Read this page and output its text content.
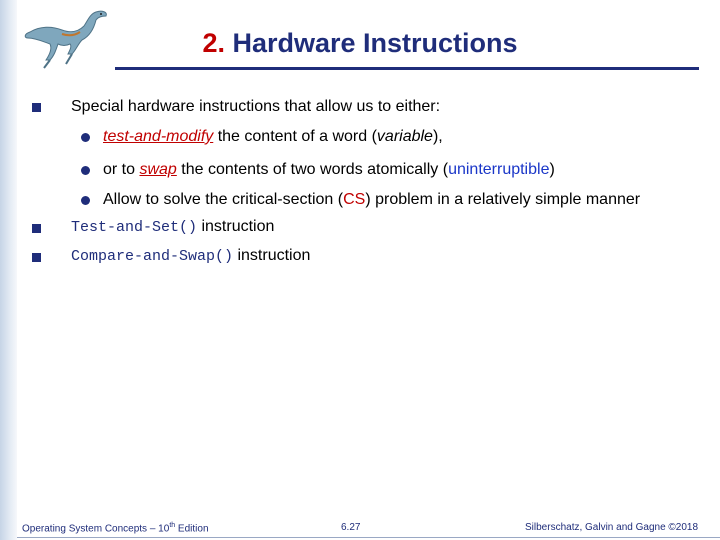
2. Hardware Instructions
Special hardware instructions that allow us to either:
test-and-modify the content of a word (variable),
or to swap the contents of two words atomically (uninterruptible)
Allow to solve the critical-section (CS) problem in a relatively simple manner
Test-and-Set() instruction
Compare-and-Swap() instruction
Operating System Concepts – 10th Edition	6.27	Silberschatz, Galvin and Gagne ©2018
